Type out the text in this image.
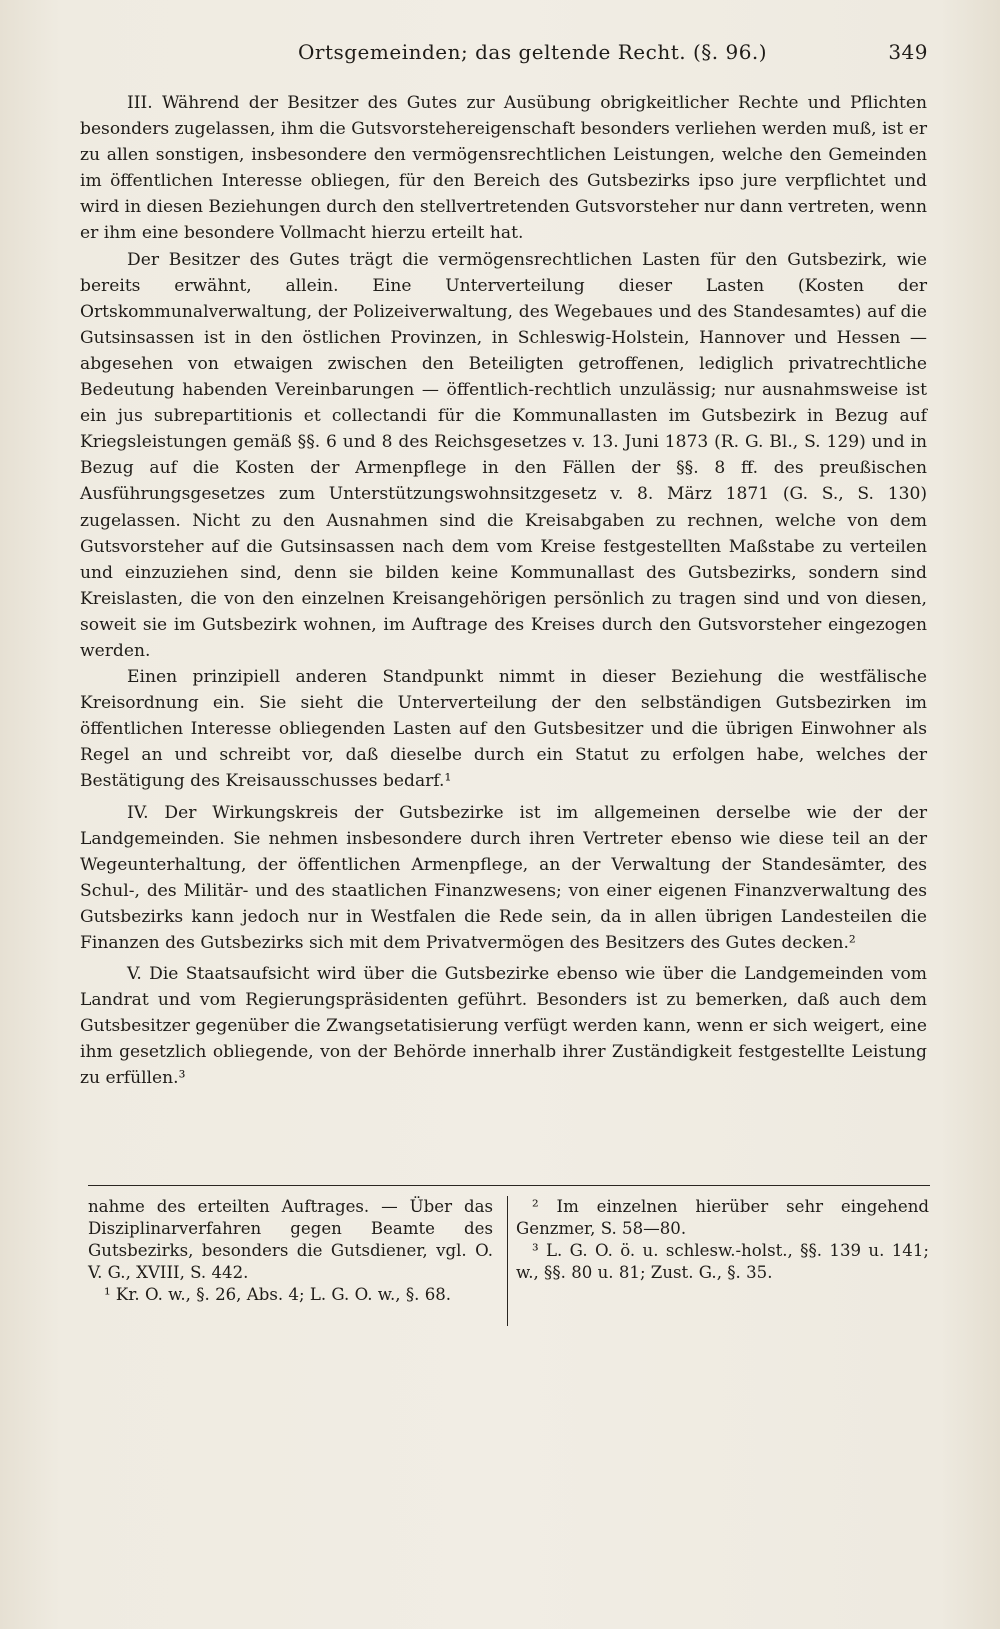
Ortsgemeinden; das geltende Recht. (§. 96.)	349

III. Während der Besitzer des Gutes zur Ausübung obrigkeitlicher Rechte und Pflichten besonders zugelassen, ihm die Gutsvorstehereigenschaft besonders verliehen werden muß, ist er zu allen sonstigen, insbesondere den vermögensrechtlichen Leistungen, welche den Gemeinden im öffentlichen Interesse obliegen, für den Bereich des Gutsbezirks ipso jure verpflichtet und wird in diesen Beziehungen durch den stellvertretenden Gutsvorsteher nur dann vertreten, wenn er ihm eine besondere Vollmacht hierzu erteilt hat.

Der Besitzer des Gutes trägt die vermögensrechtlichen Lasten für den Gutsbezirk, wie bereits erwähnt, allein. Eine Unterverteilung dieser Lasten (Kosten der Ortskommunalverwaltung, der Polizeiverwaltung, des Wegebaues und des Standesamtes) auf die Gutsinsassen ist in den östlichen Provinzen, in Schleswig-Holstein, Hannover und Hessen — abgesehen von etwaigen zwischen den Beteiligten getroffenen, lediglich privatrechtliche Bedeutung habenden Vereinbarungen — öffentlich-rechtlich unzulässig; nur ausnahmsweise ist ein jus subrepartitionis et collectandi für die Kommunallasten im Gutsbezirk in Bezug auf Kriegsleistungen gemäß §§. 6 und 8 des Reichsgesetzes v. 13. Juni 1873 (R. G. Bl., S. 129) und in Bezug auf die Kosten der Armenpflege in den Fällen der §§. 8 ff. des preußischen Ausführungsgesetzes zum Unterstützungswohnsitzgesetz v. 8. März 1871 (G. S., S. 130) zugelassen. Nicht zu den Ausnahmen sind die Kreisabgaben zu rechnen, welche von dem Gutsvorsteher auf die Gutsinsassen nach dem vom Kreise festgestellten Maßstabe zu verteilen und einzuziehen sind, denn sie bilden keine Kommunallast des Gutsbezirks, sondern sind Kreislasten, die von den einzelnen Kreisangehörigen persönlich zu tragen sind und von diesen, soweit sie im Gutsbezirk wohnen, im Auftrage des Kreises durch den Gutsvorsteher eingezogen werden.

Einen prinzipiell anderen Standpunkt nimmt in dieser Beziehung die westfälische Kreisordnung ein. Sie sieht die Unterverteilung der den selbständigen Gutsbezirken im öffentlichen Interesse obliegenden Lasten auf den Gutsbesitzer und die übrigen Einwohner als Regel an und schreibt vor, daß dieselbe durch ein Statut zu erfolgen habe, welches der Bestätigung des Kreisausschusses bedarf.¹

IV. Der Wirkungskreis der Gutsbezirke ist im allgemeinen derselbe wie der der Landgemeinden. Sie nehmen insbesondere durch ihren Vertreter ebenso wie diese teil an der Wegeunterhaltung, der öffentlichen Armenpflege, an der Verwaltung der Standesämter, des Schul-, des Militär- und des staatlichen Finanzwesens; von einer eigenen Finanzverwaltung des Gutsbezirks kann jedoch nur in Westfalen die Rede sein, da in allen übrigen Landesteilen die Finanzen des Gutsbezirks sich mit dem Privatvermögen des Besitzers des Gutes decken.²

V. Die Staatsaufsicht wird über die Gutsbezirke ebenso wie über die Landgemeinden vom Landrat und vom Regierungspräsidenten geführt. Besonders ist zu bemerken, daß auch dem Gutsbesitzer gegenüber die Zwangsetatisierung verfügt werden kann, wenn er sich weigert, eine ihm gesetzlich obliegende, von der Behörde innerhalb ihrer Zuständigkeit festgestellte Leistung zu erfüllen.³

nahme des erteilten Auftrages. — Über das Disziplinarverfahren gegen Beamte des Gutsbezirks, besonders die Gutsdiener, vgl. O. V. G., XVIII, S. 442.

¹ Kr. O. w., §. 26, Abs. 4; L. G. O. w., §. 68.

² Im einzelnen hierüber sehr eingehend Genzmer, S. 58—80.

³ L. G. O. ö. u. schlesw.-holst., §§. 139 u. 141; w., §§. 80 u. 81; Zust. G., §. 35.
